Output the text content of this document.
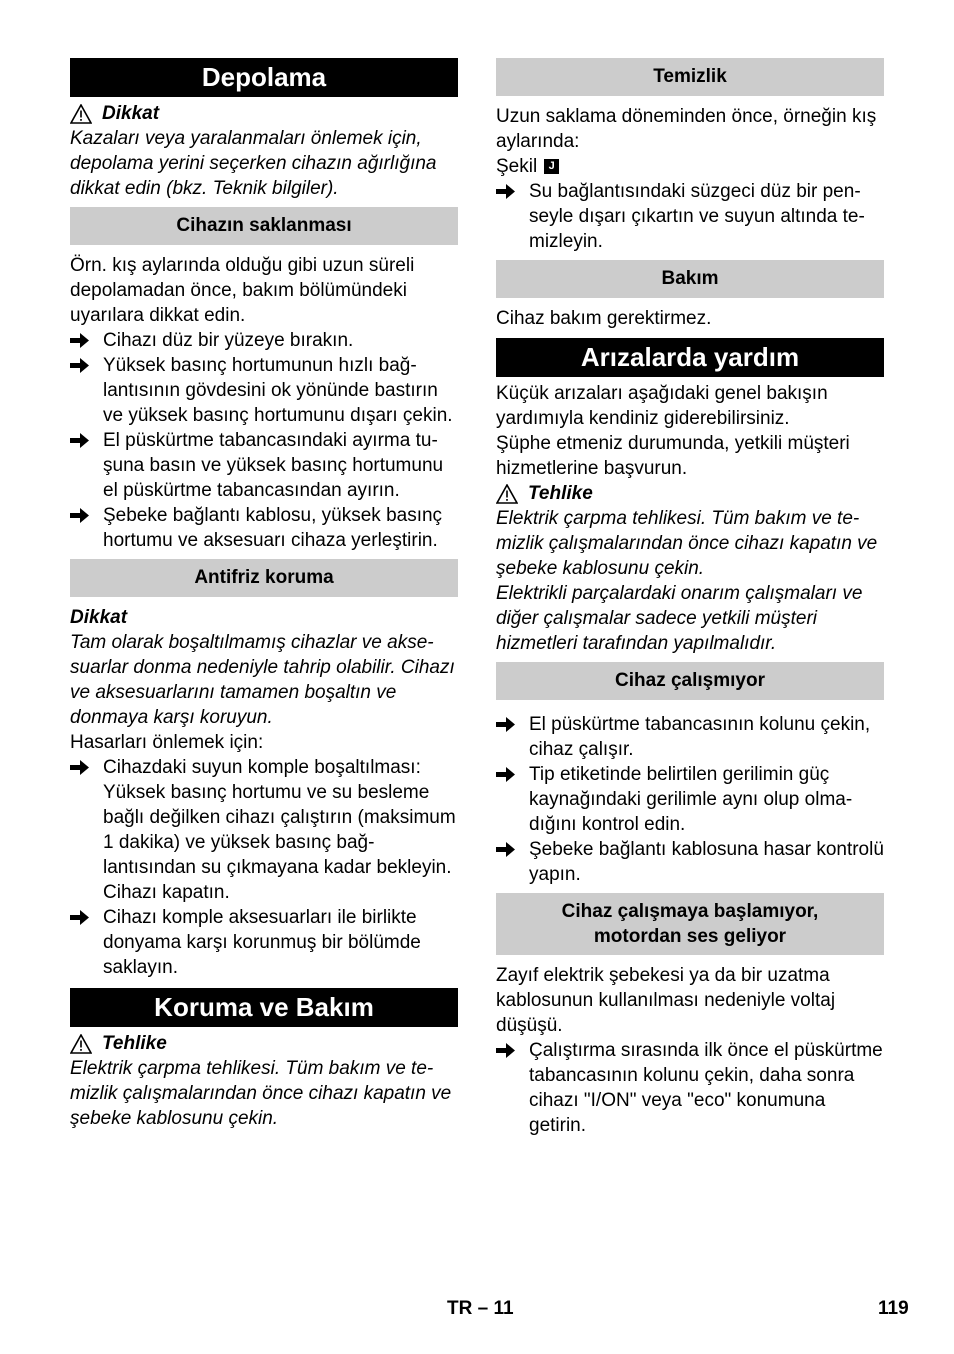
Depolama
Dikkat

Kazaları veya yaralanmaları önlemek için, depolama yerini seçerken cihazın ağırlığına dikkat edin (bkz. Teknik bilgiler).

Cihazın saklanması

Örn. kış aylarında olduğu gibi uzun süreli depolamadan önce, bakım bölümündeki uyarılara dikkat edin.

Cihazı düz bir yüzeye bırakın.
Yüksek basınç hortumunun hızlı bağlantısının gövdesini ok yönünde bastırın ve yüksek basınç hortumunu dışarı çekin.
El püskürtme tabancasındaki ayırma tuşuna basın ve yüksek basınç hortumunu el püskürtme tabancasından ayırın.
Şebeke bağlantı kablosu, yüksek basınç hortumu ve aksesuarı cihaza yerleştirin.
Antifriz koruma

Dikkat

Tam olarak boşaltılmamış cihazlar ve aksesuarlar donma nedeniyle tahrip olabilir. Cihazı ve aksesuarlarını tamamen boşaltın ve donmaya karşı koruyun.

Hasarları önlemek için:

Cihazdaki suyun komple boşaltılması: Yüksek basınç hortumu ve su besleme bağlı değilken cihazı çalıştırın (maksimum 1 dakika) ve yüksek basınç bağlantısından su çıkmayana kadar bekleyin. Cihazı kapatın.
Cihazı komple aksesuarları ile birlikte donyama karşı korunmuş bir bölümde saklayın.
Koruma ve Bakım
Tehlike

Elektrik çarpma tehlikesi. Tüm bakım ve temizlik çalışmalarından önce cihazı kapatın ve şebeke kablosunu çekin.

Temizlik

Uzun saklama döneminden önce, örneğin kış aylarında:

Şekil	J
Su bağlantısındaki süzgeci düz bir penseyle dışarı çıkartın ve suyun altında temizleyin.
Bakım

Cihaz bakım gerektirmez.

Arızalarda yardım

Küçük arızaları aşağıdaki genel bakışın yardımıyla kendiniz giderebilirsiniz.

Şüphe etmeniz durumunda, yetkili müşteri hizmetlerine başvurun.

Tehlike

Elektrik çarpma tehlikesi. Tüm bakım ve temizlik çalışmalarından önce cihazı kapatın ve şebeke kablosunu çekin.

Elektrikli parçalardaki onarım çalışmaları ve diğer çalışmalar sadece yetkili müşteri hizmetleri tarafından yapılmalıdır.

Cihaz çalışmıyor
El püskürtme tabancasının kolunu çekin, cihaz çalışır.
Tip etiketinde belirtilen gerilimin güç kaynağındaki gerilimle aynı olup olmadığını kontrol edin.
Şebeke bağlantı kablosuna hasar kontrolü yapın.
Cihaz çalışmaya başlamıyor,
motordan ses geliyor

Zayıf elektrik şebekesi ya da bir uzatma kablosunun kullanılması nedeniyle voltaj düşüşü.

Çalıştırma sırasında ilk önce el püskürtme tabancasının kolunu çekin, daha sonra cihazı "I/ON" veya "eco" konumuna getirin.
TR – 11	119
